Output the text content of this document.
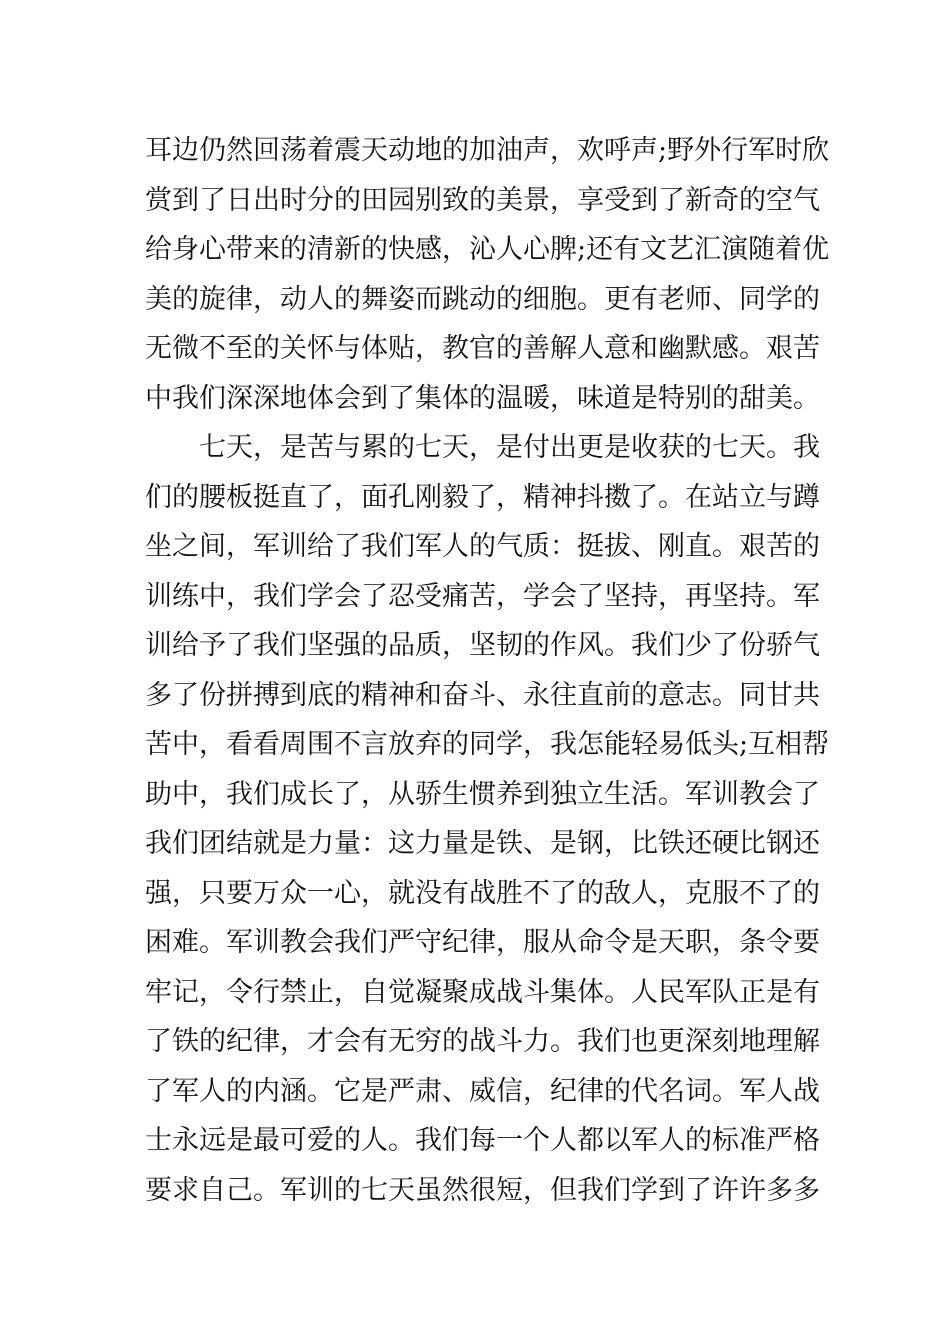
耳边仍然回荡着震天动地的加油声，欢呼声;野外行军时欣
赏到了日出时分的田园别致的美景，享受到了新奇的空气
给身心带来的清新的快感，沁人心脾;还有文艺汇演随着优
美的旋律，动人的舞姿而跳动的细胞。更有老师、同学的
无微不至的关怀与体贴，教官的善解人意和幽默感。艰苦
中我们深深地体会到了集体的温暖，味道是特别的甜美。
七天，是苦与累的七天，是付出更是收获的七天。我
们的腰板挺直了，面孔刚毅了，精神抖擞了。在站立与蹲
坐之间，军训给了我们军人的气质：挺拔、刚直。艰苦的
训练中，我们学会了忍受痛苦，学会了坚持，再坚持。军
训给予了我们坚强的品质，坚韧的作风。我们少了份骄气
多了份拼搏到底的精神和奋斗、永往直前的意志。同甘共
苦中，看看周围不言放弃的同学，我怎能轻易低头;互相帮
助中，我们成长了，从骄生惯养到独立生活。军训教会了
我们团结就是力量：这力量是铁、是钢，比铁还硬比钢还
强，只要万众一心，就没有战胜不了的敌人，克服不了的
困难。军训教会我们严守纪律，服从命令是天职，条令要
牢记，令行禁止，自觉凝聚成战斗集体。人民军队正是有
了铁的纪律，才会有无穷的战斗力。我们也更深刻地理解
了军人的内涵。它是严肃、威信，纪律的代名词。军人战
士永远是最可爱的人。我们每一个人都以军人的标准严格
要求自己。军训的七天虽然很短，但我们学到了许许多多
